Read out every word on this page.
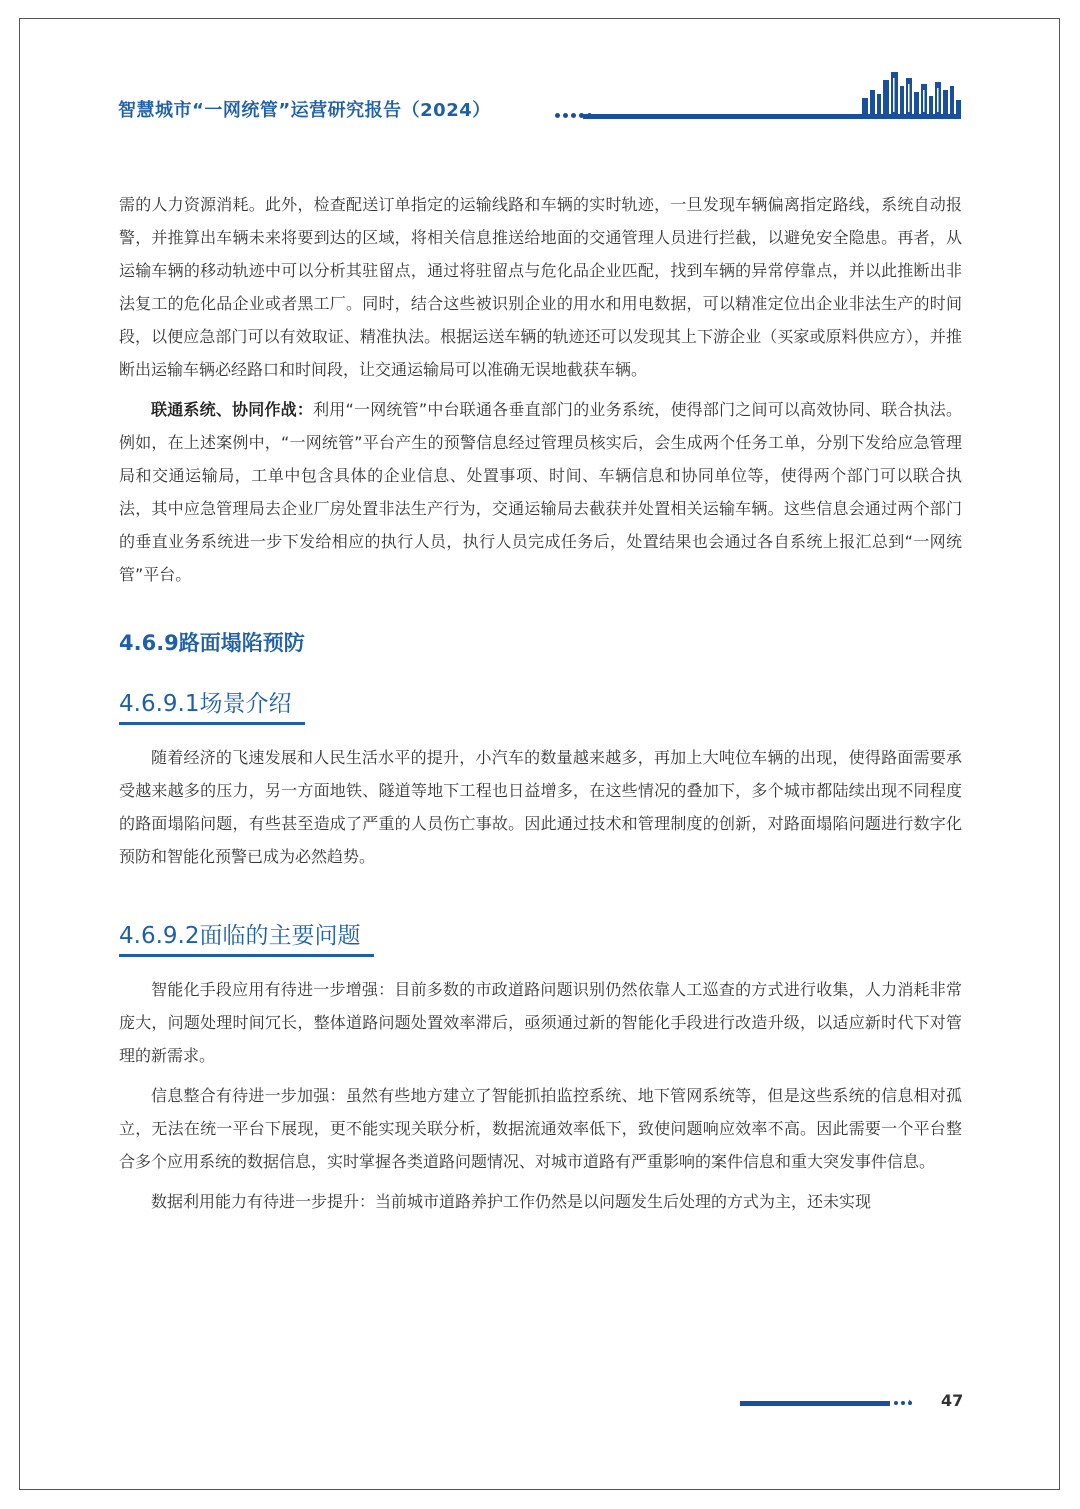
智慧城市“一网统管”运营研究报告（2024）

需的人力资源消耗。此外，检查配送订单指定的运输线路和车辆的实时轨迹，一旦发现车辆偏离指定路线，系统自动报警，并推算出车辆未来将要到达的区域，将相关信息推送给地面的交通管理人员进行拦截，以避免安全隐患。再者，从运输车辆的移动轨迹中可以分析其驻留点，通过将驻留点与危化品企业匹配，找到车辆的异常停靠点，并以此推断出非法复工的危化品企业或者黑工厂。同时，结合这些被识别企业的用水和用电数据，可以精准定位出企业非法生产的时间段，以便应急部门可以有效取证、精准执法。根据运送车辆的轨迹还可以发现其上下游企业（买家或原料供应方），并推断出运输车辆必经路口和时间段，让交通运输局可以准确无误地截获车辆。

联通系统、协同作战：利用“一网统管”中台联通各垂直部门的业务系统，使得部门之间可以高效协同、联合执法。例如，在上述案例中，“一网统管”平台产生的预警信息经过管理员核实后，会生成两个任务工单，分别下发给应急管理局和交通运输局，工单中包含具体的企业信息、处置事项、时间、车辆信息和协同单位等，使得两个部门可以联合执法，其中应急管理局去企业厂房处置非法生产行为，交通运输局去截获并处置相关运输车辆。这些信息会通过两个部门的垂直业务系统进一步下发给相应的执行人员，执行人员完成任务后，处置结果也会通过各自系统上报汇总到“一网统管”平台。

4.6.9路面塌陷预防
4.6.9.1场景介绍

随着经济的飞速发展和人民生活水平的提升，小汽车的数量越来越多，再加上大吨位车辆的出现，使得路面需要承受越来越多的压力，另一方面地铁、隧道等地下工程也日益增多，在这些情况的叠加下，多个城市都陆续出现不同程度的路面塌陷问题，有些甚至造成了严重的人员伤亡事故。因此通过技术和管理制度的创新，对路面塌陷问题进行数字化预防和智能化预警已成为必然趋势。

4.6.9.2面临的主要问题

智能化手段应用有待进一步增强：目前多数的市政道路问题识别仍然依靠人工巡查的方式进行收集，人力消耗非常庞大，问题处理时间冗长，整体道路问题处置效率滞后，亟须通过新的智能化手段进行改造升级，以适应新时代下对管理的新需求。

信息整合有待进一步加强：虽然有些地方建立了智能抓拍监控系统、地下管网系统等，但是这些系统的信息相对孤立，无法在统一平台下展现，更不能实现关联分析，数据流通效率低下，致使问题响应效率不高。因此需要一个平台整合多个应用系统的数据信息，实时掌握各类道路问题情况、对城市道路有严重影响的案件信息和重大突发事件信息。

数据利用能力有待进一步提升：当前城市道路养护工作仍然是以问题发生后处理的方式为主，还未实现

› 47
